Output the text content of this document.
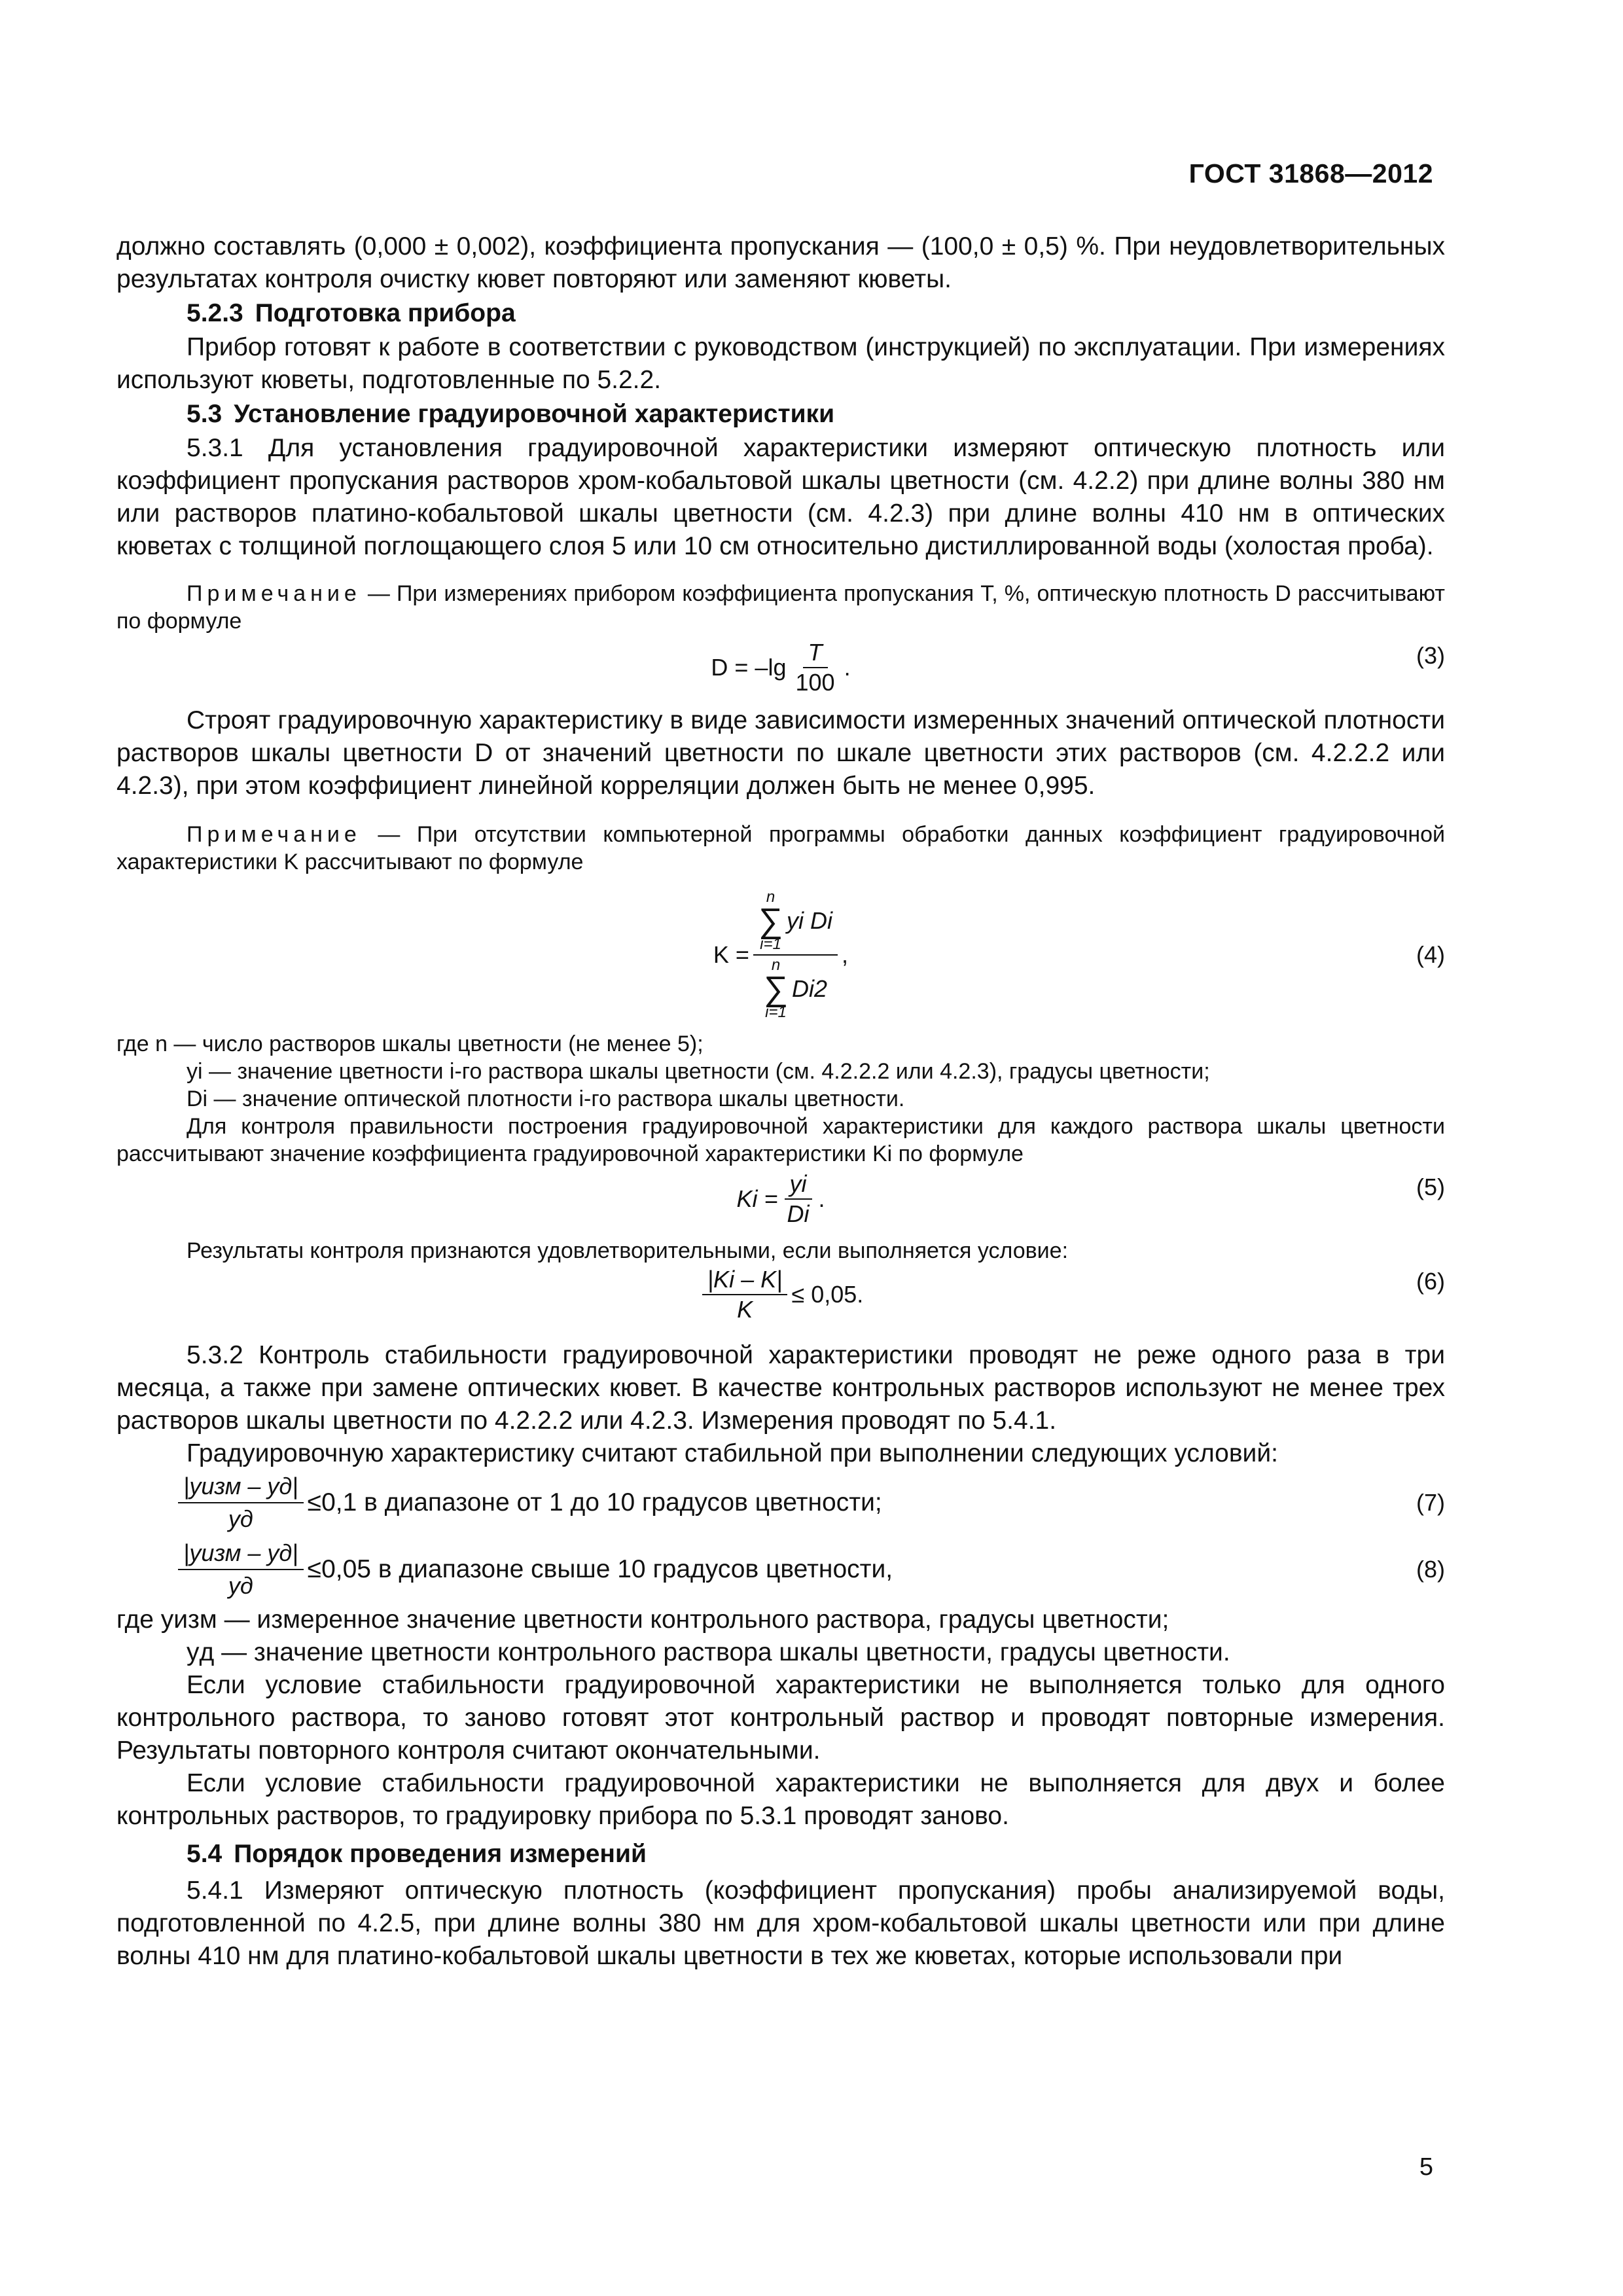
ГОСТ 31868—2012

должно составлять (0,000 ± 0,002), коэффициента пропускания — (100,0 ± 0,5) %. При неудовлетворительных результатах контроля очистку кювет повторяют или заменяют кюветы.

5.2.3 Подготовка прибора

Прибор готовят к работе в соответствии с руководством (инструкцией) по эксплуатации. При измерениях используют кюветы, подготовленные по 5.2.2.

5.3 Установление градуировочной характеристики

5.3.1 Для установления градуировочной характеристики измеряют оптическую плотность или коэффициент пропускания растворов хром-кобальтовой шкалы цветности (см. 4.2.2) при длине волны 380 нм или растворов платино-кобальтовой шкалы цветности (см. 4.2.3) при длине волны 410 нм в оптических кюветах с толщиной поглощающего слоя 5 или 10 см относительно дистиллированной воды (холостая проба).

Примечание — При измерениях прибором коэффициента пропускания T, %, оптическую плотность D рассчитывают по формуле

$D = -\lg \frac{T}{100}$ .	(3)

Строят градуировочную характеристику в виде зависимости измеренных значений оптической плотности растворов шкалы цветности D от значений цветности по шкале цветности этих растворов (см. 4.2.2.2 или 4.2.3), при этом коэффициент линейной корреляции должен быть не менее 0,995.

Примечание — При отсутствии компьютерной программы обработки данных коэффициент градуировочной характеристики K рассчитывают по формуле

K = n
∑
i=1
yi Di
n
∑
i=1
Di2 ,	(4)

где n — число растворов шкалы цветности (не менее 5);

yi — значение цветности i-го раствора шкалы цветности (см. 4.2.2.2 или 4.2.3), градусы цветности;

Di — значение оптической плотности i-го раствора шкалы цветности.

Для контроля правильности построения градуировочной характеристики для каждого раствора шкалы цветности рассчитывают значение коэффициента градуировочной характеристики Ki по формуле

$Ki = \frac{yi}{Di}$ .	(5)

Результаты контроля признаются удовлетворительными, если выполняется условие:

$\frac{|Ki - K|}{K} \le 0,05$.	(6)

5.3.2 Контроль стабильности градуировочной характеристики проводят не реже одного раза в три месяца, а также при замене оптических кювет. В качестве контрольных растворов используют не менее трех растворов шкалы цветности по 4.2.2.2 или 4.2.3. Измерения проводят по 5.4.1.

Градуировочную характеристику считают стабильной при выполнении следующих условий:

$\frac{\text{|yизм – yд|}}{yд} \le 0,1$ в диапазоне от 1 до 10 градусов цветности;	(7)
$\frac{\text{|yизм – yд|}}{yд} \le 0,05$ в диапазоне свыше 10 градусов цветности,	(8)

где yизм — измеренное значение цветности контрольного раствора, градусы цветности;

yд — значение цветности контрольного раствора шкалы цветности, градусы цветности.

Если условие стабильности градуировочной характеристики не выполняется только для одного контрольного раствора, то заново готовят этот контрольный раствор и проводят повторные измерения. Результаты повторного контроля считают окончательными.

Если условие стабильности градуировочной характеристики не выполняется для двух и более контрольных растворов, то градуировку прибора по 5.3.1 проводят заново.

5.4 Порядок проведения измерений

5.4.1 Измеряют оптическую плотность (коэффициент пропускания) пробы анализируемой воды, подготовленной по 4.2.5, при длине волны 380 нм для хром-кобальтовой шкалы цветности или при длине волны 410 нм для платино-кобальтовой шкалы цветности в тех же кюветах, которые использовали при

5
